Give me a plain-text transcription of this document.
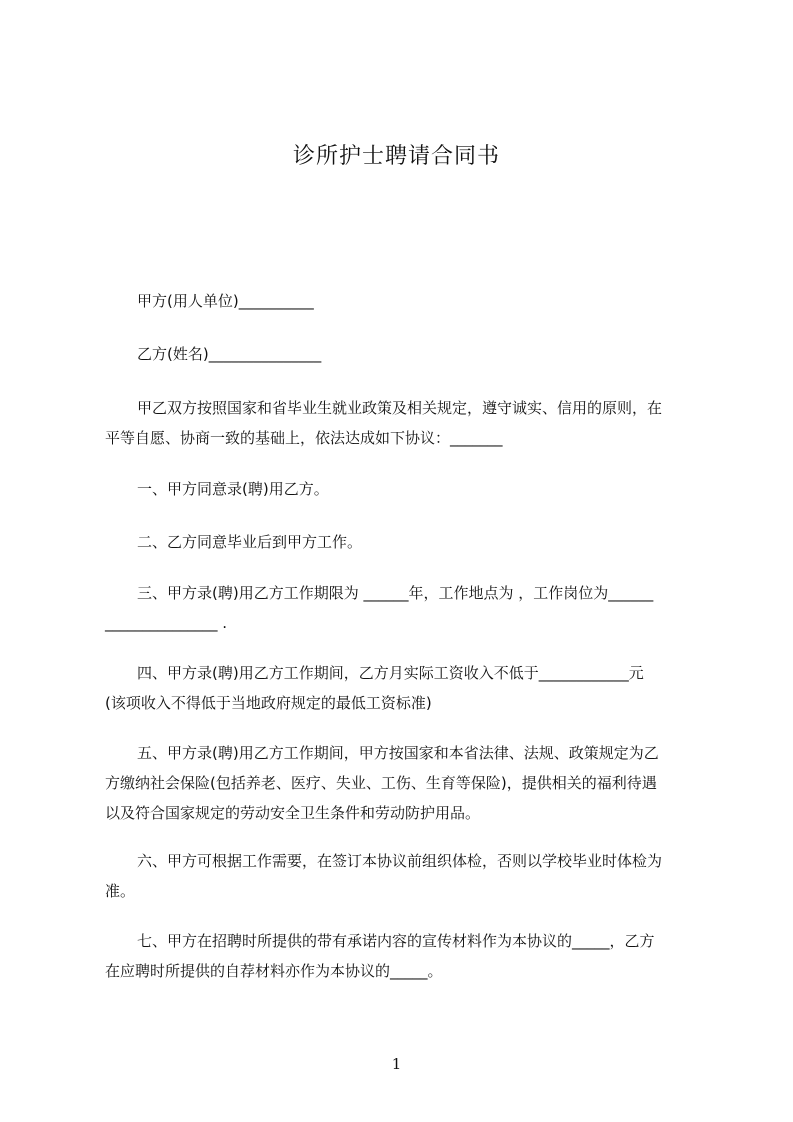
诊所护士聘请合同书

甲方(用人单位)__________

乙方(姓名)_______________

甲乙双方按照国家和省毕业生就业政策及相关规定，遵守诚实、信用的原则，在
平等自愿、协商一致的基础上，依法达成如下协议：_______

一、甲方同意录(聘)用乙方。

二、乙方同意毕业后到甲方工作。

三、甲方录(聘)用乙方工作期限为 ______年，工作地点为 ，工作岗位为______
_______________ .
四、甲方录(聘)用乙方工作期间，乙方月实际工资收入不低于____________元
(该项收入不得低于当地政府规定的最低工资标准)
五、甲方录(聘)用乙方工作期间，甲方按国家和本省法律、法规、政策规定为乙
方缴纳社会保险(包括养老、医疗、失业、工伤、生育等保险)，提供相关的福利待遇
以及符合国家规定的劳动安全卫生条件和劳动防护用品。
六、甲方可根据工作需要，在签订本协议前组织体检，否则以学校毕业时体检为
准。
七、甲方在招聘时所提供的带有承诺内容的宣传材料作为本协议的_____，乙方
在应聘时所提供的自荐材料亦作为本协议的_____。
1
